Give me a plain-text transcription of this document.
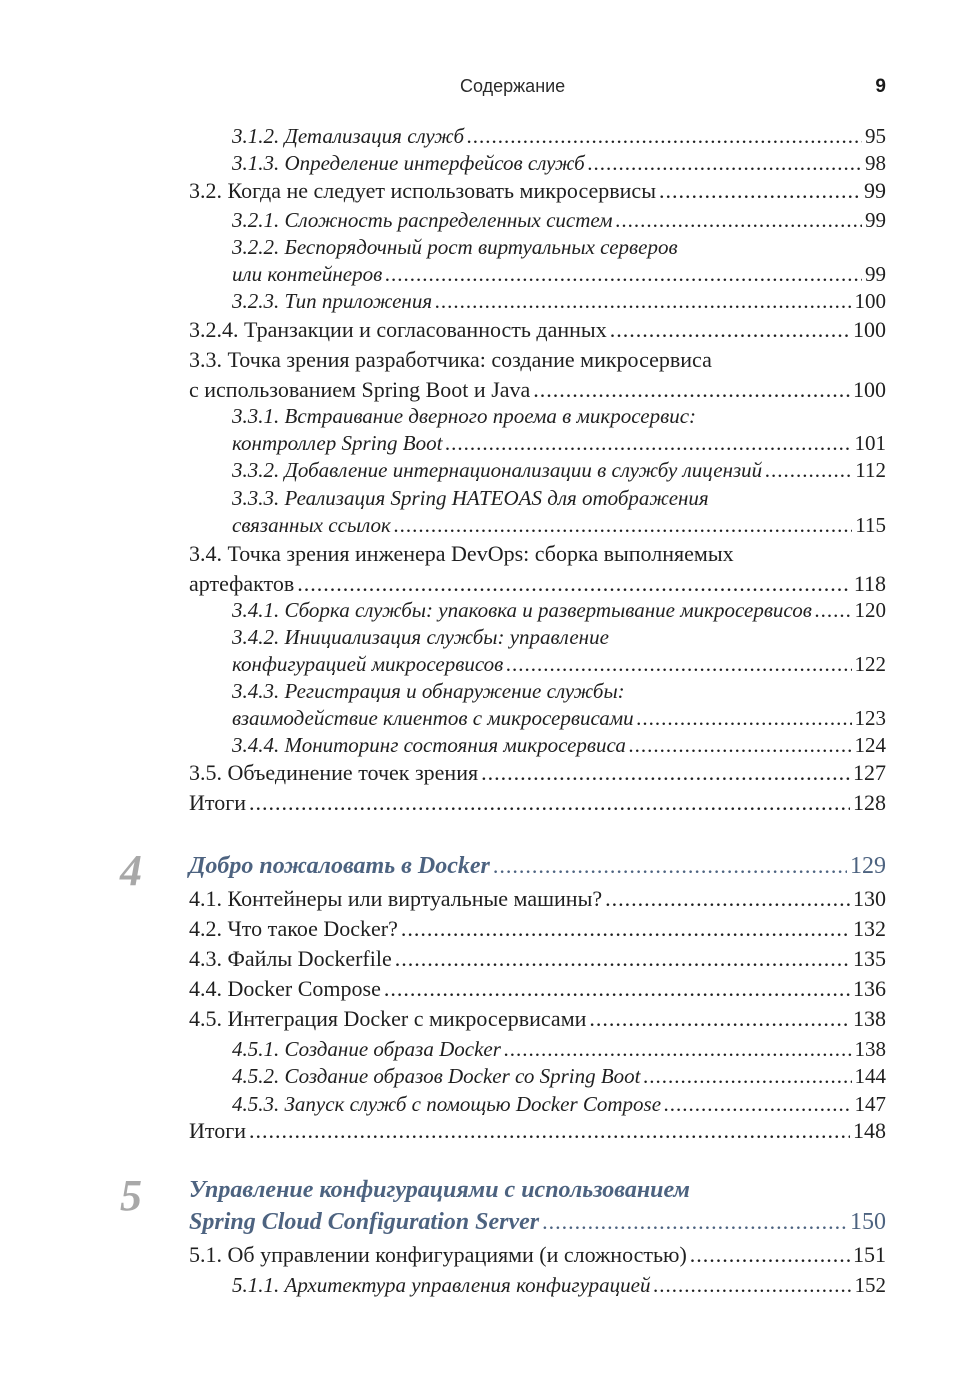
Содержание	9
3.1.2. Детализация служб .....	95
3.1.3. Определение интерфейсов служб .....	98
3.2. Когда не следует использовать микросервисы .....	99
3.2.1. Сложность распределенных систем .....	99
3.2.2. Беспорядочный рост виртуальных серверов
или контейнеров .....	99
3.2.3. Тип приложения .....	100
3.2.4. Транзакции и согласованность данных .....	100
3.3. Точка зрения разработчика: создание микросервиса
с использованием Spring Boot и Java .....	100
3.3.1. Встраивание дверного проема в микросервис:
контроллер Spring Boot .....	101
3.3.2. Добавление интернационализации в службу лицензий .....	112
3.3.3. Реализация Spring HATEOAS для отображения
связанных ссылок .....	115
3.4. Точка зрения инженера DevOps: сборка выполняемых
артефактов .....	118
3.4.1. Сборка службы: упаковка и развертывание микросервисов ..... 120
3.4.2. Инициализация службы: управление
конфигурацией микросервисов .....	122
3.4.3. Регистрация и обнаружение службы:
взаимодействие клиентов с микросервисами .....	123
3.4.4. Мониторинг состояния микросервиса .....	124
3.5. Объединение точек зрения .....	127
Итоги .....	128
4 Добро пожаловать в Docker .....	129
4.1. Контейнеры или виртуальные машины? .....	130
4.2. Что такое Docker? .....	132
4.3. Файлы Dockerfile .....	135
4.4. Docker Compose .....	136
4.5. Интеграция Docker с микросервисами .....	138
4.5.1. Создание образа Docker .....	138
4.5.2. Создание образов Docker со Spring Boot .....	144
4.5.3. Запуск служб с помощью Docker Compose .....	147
Итоги .....	148
5 Управление конфигурациями с использованием
Spring Cloud Configuration Server .....	150
5.1. Об управлении конфигурациями (и сложностью) .....	151
5.1.1. Архитектура управления конфигурацией .....	152
